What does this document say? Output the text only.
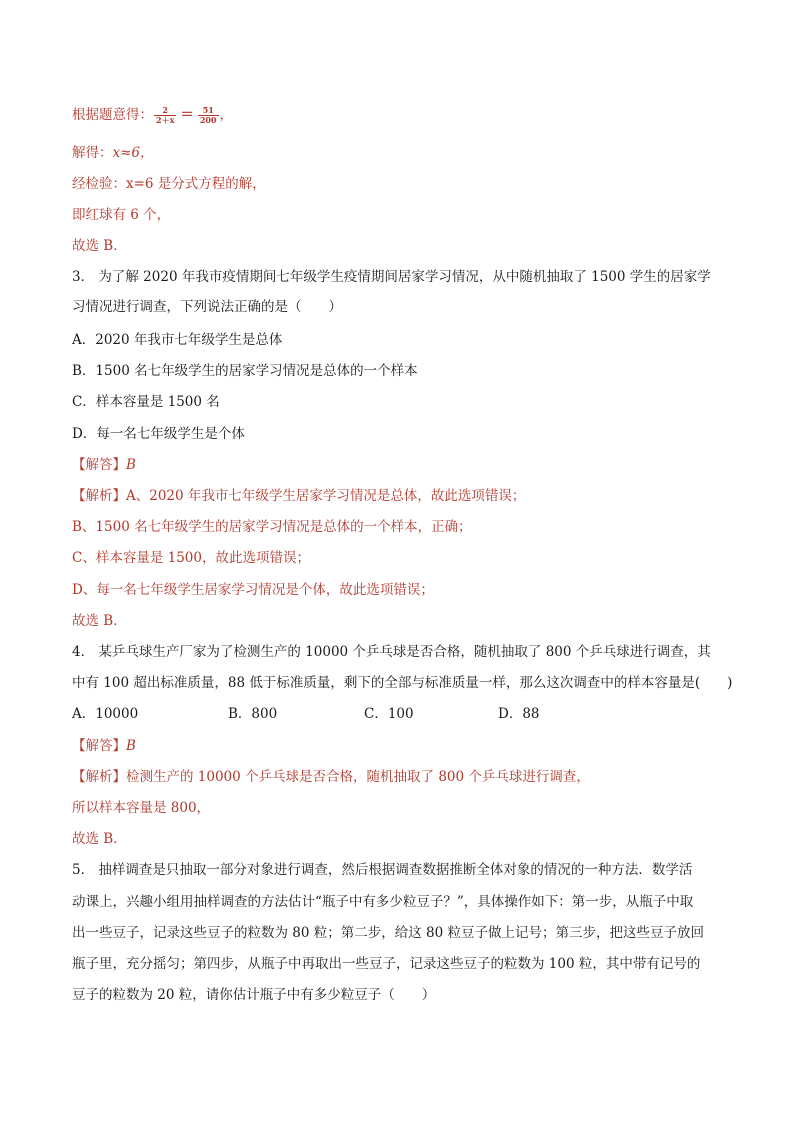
根据题意得： $\frac{2}{2+x} = \frac{51}{200}$ ，
解得：x≈6，
经检验：x=6 是分式方程的解，
即红球有 6 个，
故选 B．
3． 为了解 2020 年我市疫情期间七年级学生疫情期间居家学习情况，从中随机抽取了 1500 学生的居家学
习情况进行调查，下列说法正确的是（　　）
A．2020 年我市七年级学生是总体
B．1500 名七年级学生的居家学习情况是总体的一个样本
C．样本容量是 1500 名
D．每一名七年级学生是个体
【解答】B
【解析】A、2020 年我市七年级学生居家学习情况是总体，故此选项错误；
B、1500 名七年级学生的居家学习情况是总体的一个样本，正确；
C、样本容量是 1500，故此选项错误；
D、每一名七年级学生居家学习情况是个体，故此选项错误；
故选 B．
4． 某乒乓球生产厂家为了检测生产的 10000 个乒乓球是否合格，随机抽取了 800 个乒乓球进行调查，其
中有 100 超出标准质量，88 低于标准质量，剩下的全部与标准质量一样，那么这次调查中的样本容量是(　　)
A．10000	B．800	C．100	D．88
【解答】B
【解析】检测生产的 10000 个乒乓球是否合格，随机抽取了 800 个乒乓球进行调查，
所以样本容量是 800，
故选 B．
5． 抽样调查是只抽取一部分对象进行调查，然后根据调查数据推断全体对象的情况的一种方法．数学活
动课上，兴趣小组用抽样调查的方法估计“瓶子中有多少粒豆子？”，具体操作如下：第一步，从瓶子中取
出一些豆子，记录这些豆子的粒数为 80 粒；第二步，给这 80 粒豆子做上记号；第三步，把这些豆子放回
瓶子里，充分摇匀；第四步，从瓶子中再取出一些豆子，记录这些豆子的粒数为 100 粒，其中带有记号的
豆子的粒数为 20 粒，请你估计瓶子中有多少粒豆子（　　）
